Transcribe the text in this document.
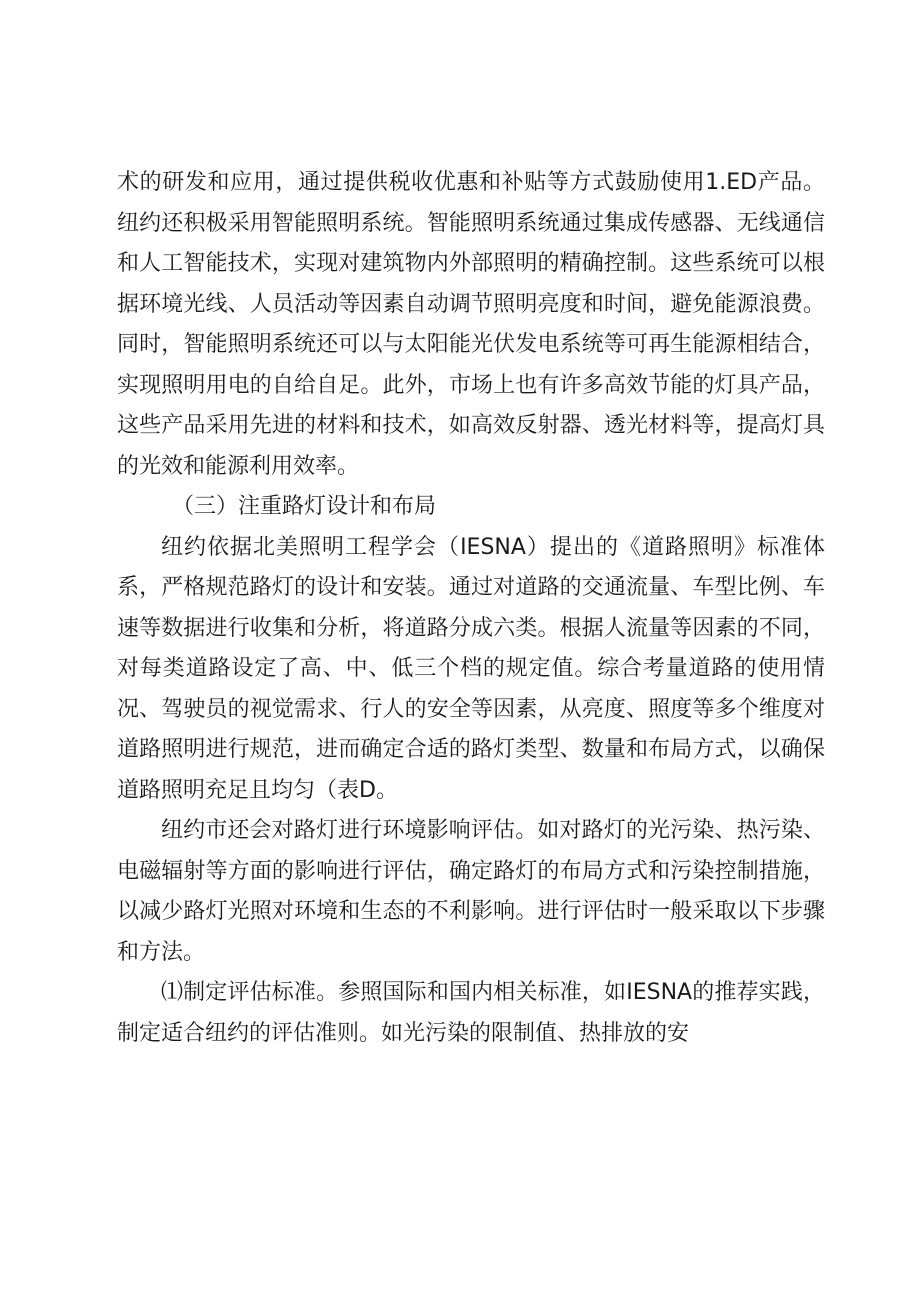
术的研发和应用，通过提供税收优惠和补贴等方式鼓励使用1.ED产品。纽约还积极采用智能照明系统。智能照明系统通过集成传感器、无线通信和人工智能技术，实现对建筑物内外部照明的精确控制。这些系统可以根据环境光线、人员活动等因素自动调节照明亮度和时间，避免能源浪费。同时，智能照明系统还可以与太阳能光伏发电系统等可再生能源相结合，实现照明用电的自给自足。此外，市场上也有许多高效节能的灯具产品，这些产品采用先进的材料和技术，如高效反射器、透光材料等，提高灯具的光效和能源利用效率。

（三）注重路灯设计和布局

纽约依据北美照明工程学会（IESNA）提出的《道路照明》标准体系，严格规范路灯的设计和安装。通过对道路的交通流量、车型比例、车速等数据进行收集和分析，将道路分成六类。根据人流量等因素的不同，对每类道路设定了高、中、低三个档的规定值。综合考量道路的使用情况、驾驶员的视觉需求、行人的安全等因素，从亮度、照度等多个维度对道路照明进行规范，进而确定合适的路灯类型、数量和布局方式，以确保道路照明充足且均匀（表D。

纽约市还会对路灯进行环境影响评估。如对路灯的光污染、热污染、电磁辐射等方面的影响进行评估，确定路灯的布局方式和污染控制措施，以减少路灯光照对环境和生态的不利影响。进行评估时一般采取以下步骤和方法。

⑴制定评估标准。参照国际和国内相关标准，如IESNA的推荐实践，制定适合纽约的评估准则。如光污染的限制值、热排放的安
